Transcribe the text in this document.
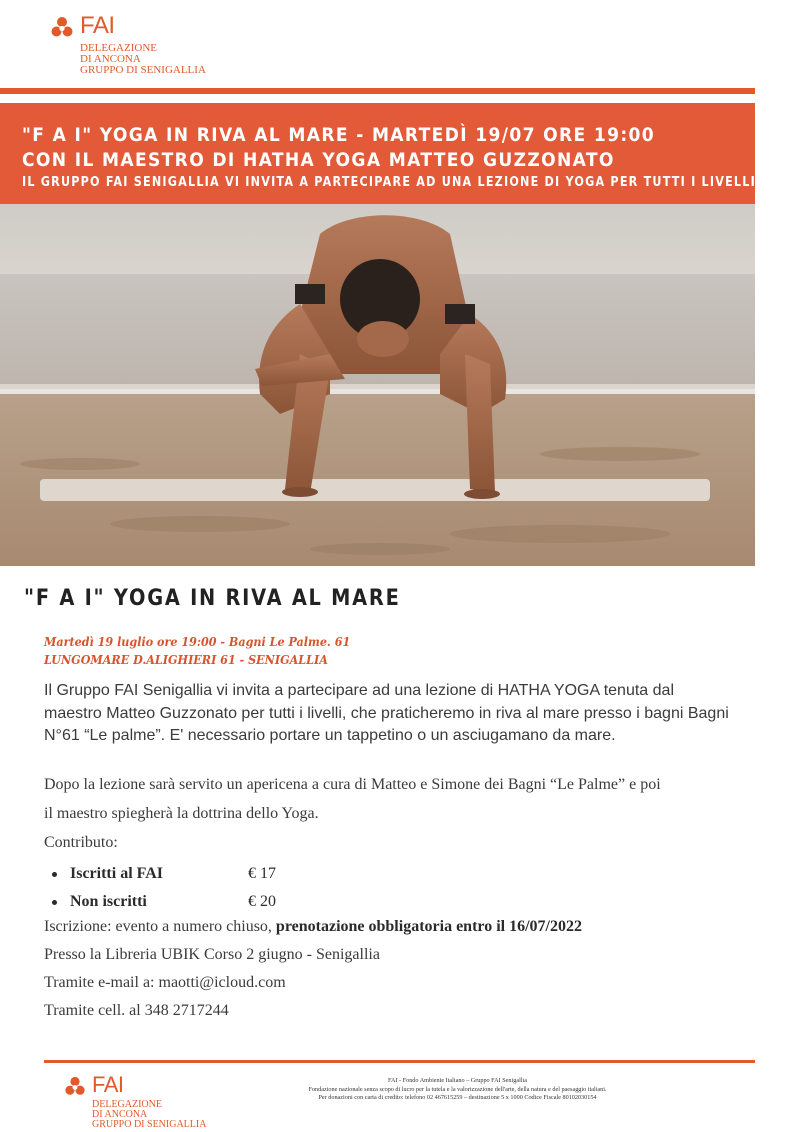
FAI
DELEGAZIONE
DI ANCONA
GRUPPO DI SENIGALLIA
"F A I" YOGA IN RIVA AL MARE - MARTEDÌ 19/07 ORE 19:00
CON IL MAESTRO DI HATHA YOGA MATTEO GUZZONATO
IL GRUPPO FAI SENIGALLIA VI INVITA A PARTECIPARE AD UNA LEZIONE DI YOGA PER TUTTI I LIVELLI
"F A I" YOGA IN RIVA AL MARE
Martedì 19 luglio ore 19:00 - Bagni Le Palme. 61
LUNGOMARE D.ALIGHIERI 61 - SENIGALLIA
Il Gruppo FAI Senigallia vi invita a partecipare ad una lezione di HATHA YOGA tenuta dal maestro Matteo Guzzonato per tutti i livelli, che praticheremo in riva al mare presso i bagni Bagni N°61 “Le palme”. E' necessario portare un tappetino o un asciugamano da mare.
Dopo la lezione sarà servito un apericena a cura di Matteo e Simone dei Bagni “Le Palme” e poi
il maestro spiegherà la dottrina dello Yoga.
Contributo:
Iscritti al FAI	€ 17
Non iscritti	€ 20
Iscrizione: evento a numero chiuso, prenotazione obbligatoria entro il 16/07/2022
Presso la Libreria UBIK Corso 2 giugno - Senigallia
Tramite e-mail a: maotti@icloud.com
Tramite cell. al 348 2717244
FAI
DELEGAZIONE
DI ANCONA
GRUPPO DI SENIGALLIA
FAI - Fondo Ambiente Italiano – Gruppo FAI Senigallia
Fondazione nazionale senza scopo di lucro per la tutela e la valorizzazione dell'arte, della natura e del paesaggio italiani.
Per donazioni con carta di credito: telefono 02 467615259 – destinazione 5 x 1000 Codice Fiscale 80102030154
